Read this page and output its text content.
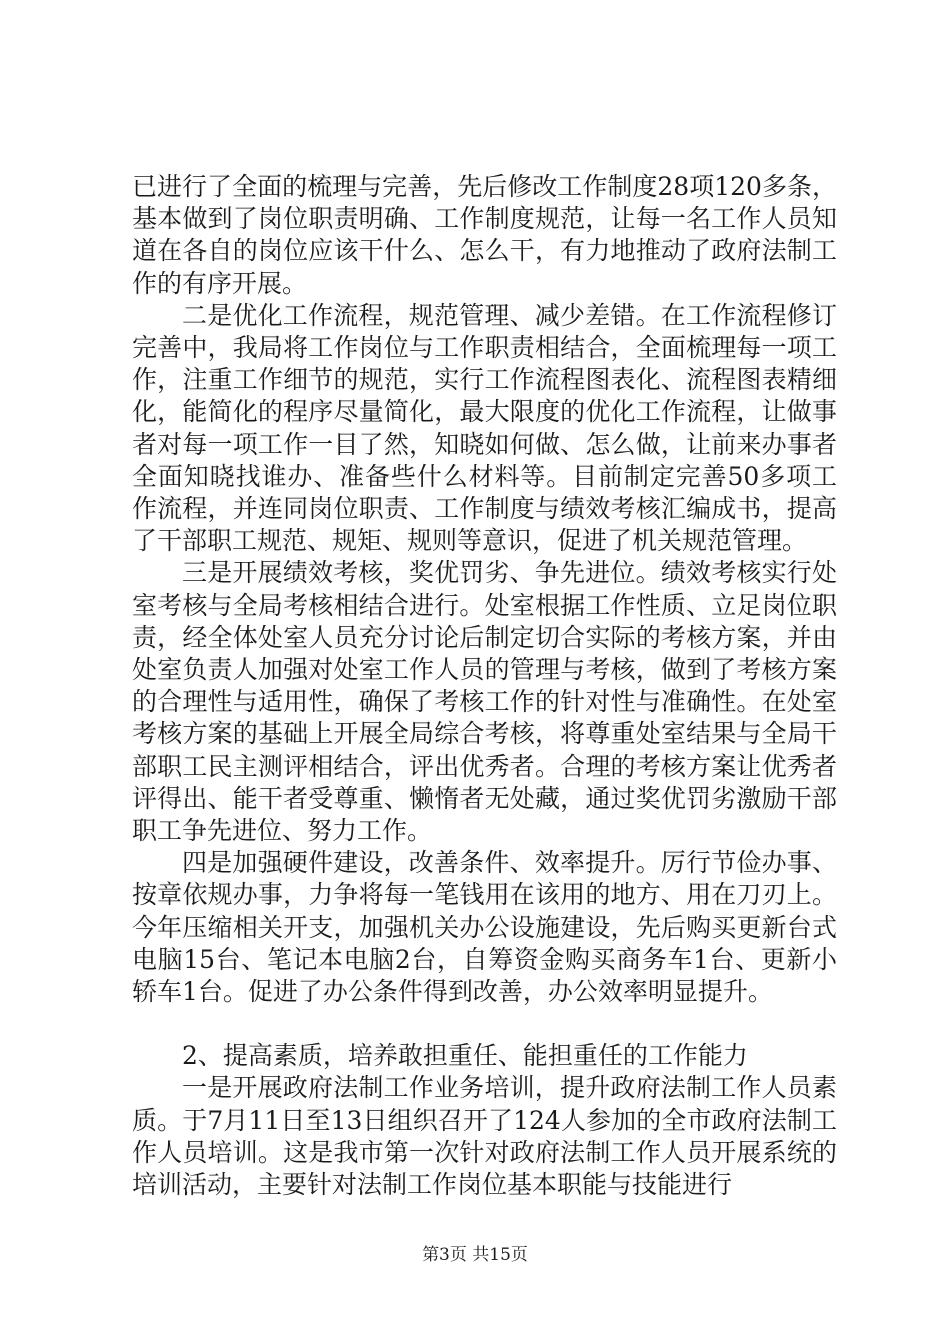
已进行了全面的梳理与完善，先后修改工作制度28项120多条，基本做到了岗位职责明确、工作制度规范，让每一名工作人员知道在各自的岗位应该干什么、怎么干，有力地推动了政府法制工作的有序开展。

二是优化工作流程，规范管理、减少差错。在工作流程修订完善中，我局将工作岗位与工作职责相结合，全面梳理每一项工作，注重工作细节的规范，实行工作流程图表化、流程图表精细化，能简化的程序尽量简化，最大限度的优化工作流程，让做事者对每一项工作一目了然，知晓如何做、怎么做，让前来办事者全面知晓找谁办、准备些什么材料等。目前制定完善50多项工作流程，并连同岗位职责、工作制度与绩效考核汇编成书，提高了干部职工规范、规矩、规则等意识，促进了机关规范管理。

三是开展绩效考核，奖优罚劣、争先进位。绩效考核实行处室考核与全局考核相结合进行。处室根据工作性质、立足岗位职责，经全体处室人员充分讨论后制定切合实际的考核方案，并由处室负责人加强对处室工作人员的管理与考核，做到了考核方案的合理性与适用性，确保了考核工作的针对性与准确性。在处室考核方案的基础上开展全局综合考核，将尊重处室结果与全局干部职工民主测评相结合，评出优秀者。合理的考核方案让优秀者评得出、能干者受尊重、懒惰者无处藏，通过奖优罚劣激励干部职工争先进位、努力工作。

四是加强硬件建设，改善条件、效率提升。厉行节俭办事、按章依规办事，力争将每一笔钱用在该用的地方、用在刀刃上。今年压缩相关开支，加强机关办公设施建设，先后购买更新台式电脑15台、笔记本电脑2台，自筹资金购买商务车1台、更新小轿车1台。促进了办公条件得到改善，办公效率明显提升。

2、提高素质，培养敢担重任、能担重任的工作能力

一是开展政府法制工作业务培训，提升政府法制工作人员素质。于7月11日至13日组织召开了124人参加的全市政府法制工作人员培训。这是我市第一次针对政府法制工作人员开展系统的培训活动，主要针对法制工作岗位基本职能与技能进行

第3页 共15页
